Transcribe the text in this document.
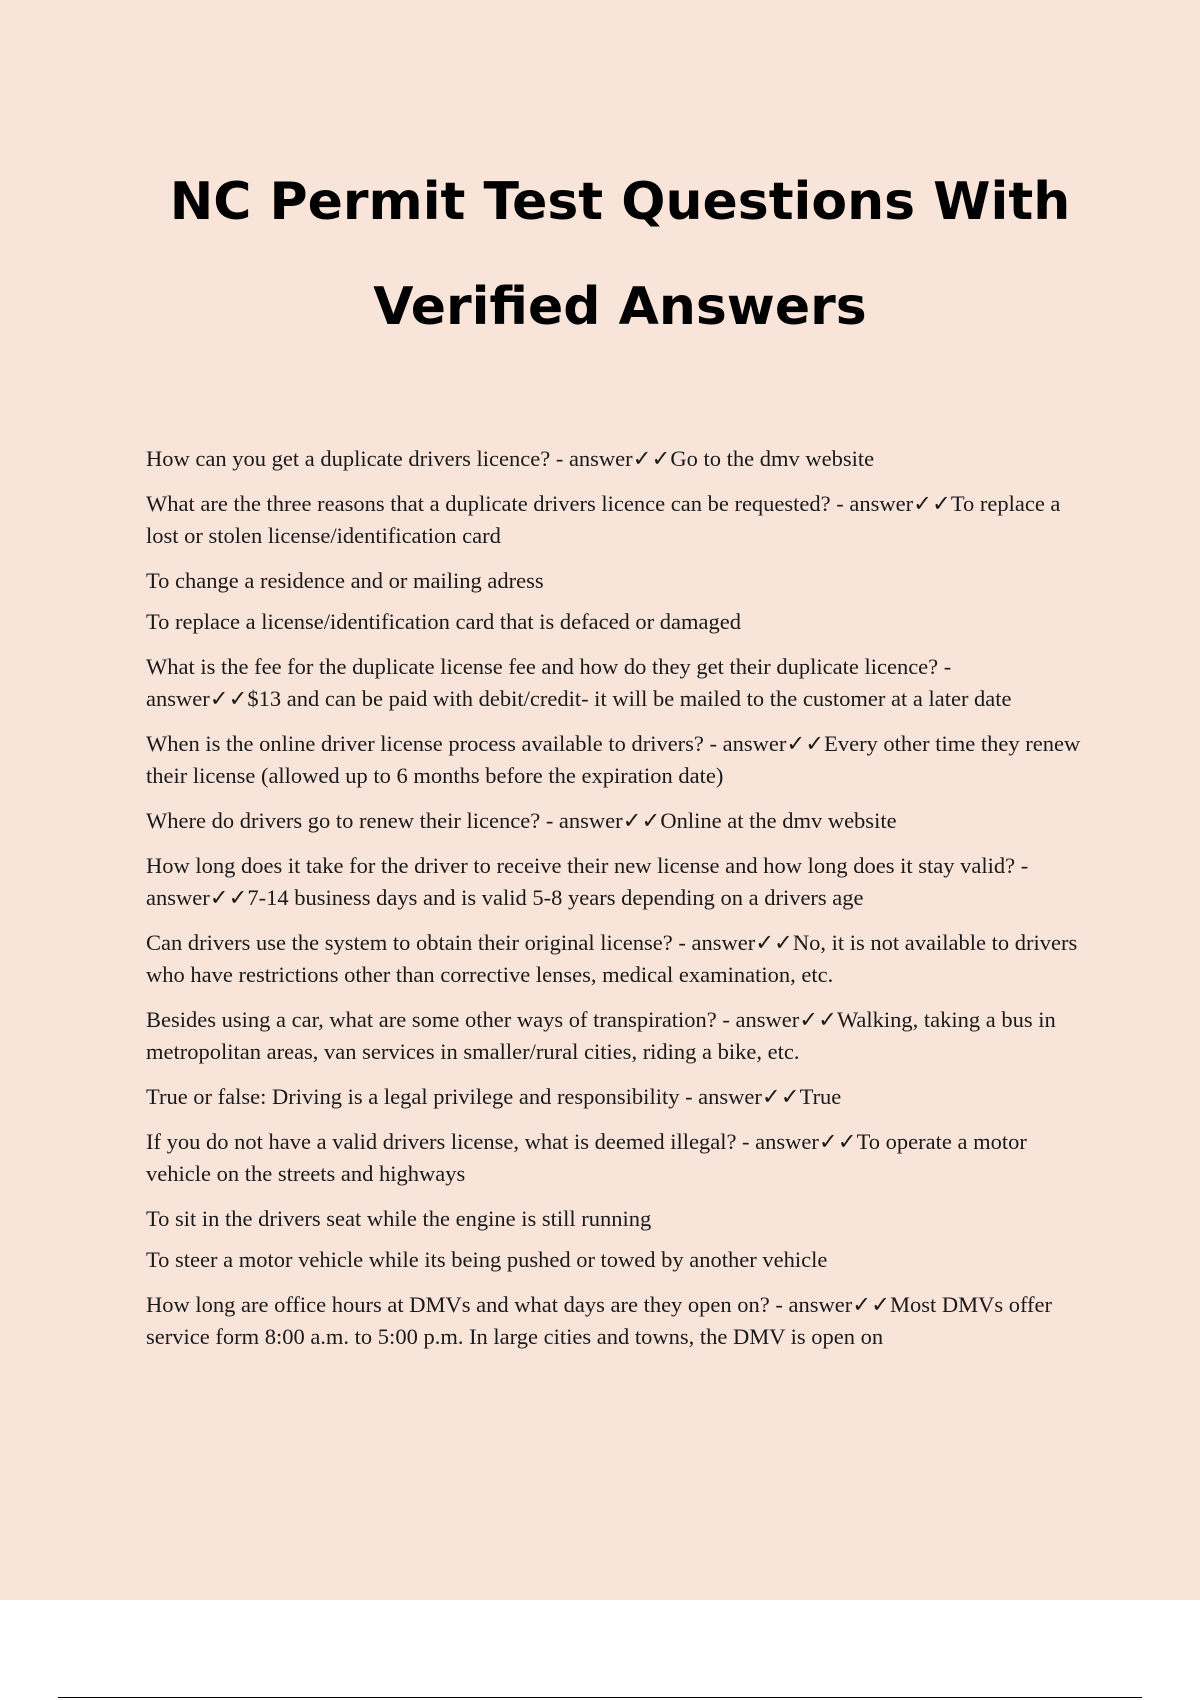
NC Permit Test Questions With
Verified Answers

How can you get a duplicate drivers licence? - answer✓✓Go to the dmv website

What are the three reasons that a duplicate drivers licence can be requested? - answer✓✓To replace a lost or stolen license/identification card

To change a residence and or mailing adress

To replace a license/identification card that is defaced or damaged

What is the fee for the duplicate license fee and how do they get their duplicate licence? - answer✓✓$13 and can be paid with debit/credit- it will be mailed to the customer at a later date

When is the online driver license process available to drivers? - answer✓✓Every other time they renew their license (allowed up to 6 months before the expiration date)

Where do drivers go to renew their licence? - answer✓✓Online at the dmv website

How long does it take for the driver to receive their new license and how long does it stay valid? - answer✓✓7-14 business days and is valid 5-8 years depending on a drivers age

Can drivers use the system to obtain their original license? - answer✓✓No, it is not available to drivers who have restrictions other than corrective lenses, medical examination, etc.

Besides using a car, what are some other ways of transpiration? - answer✓✓Walking, taking a bus in metropolitan areas, van services in smaller/rural cities, riding a bike, etc.

True or false: Driving is a legal privilege and responsibility - answer✓✓True

If you do not have a valid drivers license, what is deemed illegal? - answer✓✓To operate a motor vehicle on the streets and highways

To sit in the drivers seat while the engine is still running

To steer a motor vehicle while its being pushed or towed by another vehicle

How long are office hours at DMVs and what days are they open on? - answer✓✓Most DMVs offer service form 8:00 a.m. to 5:00 p.m. In large cities and towns, the DMV is open on
